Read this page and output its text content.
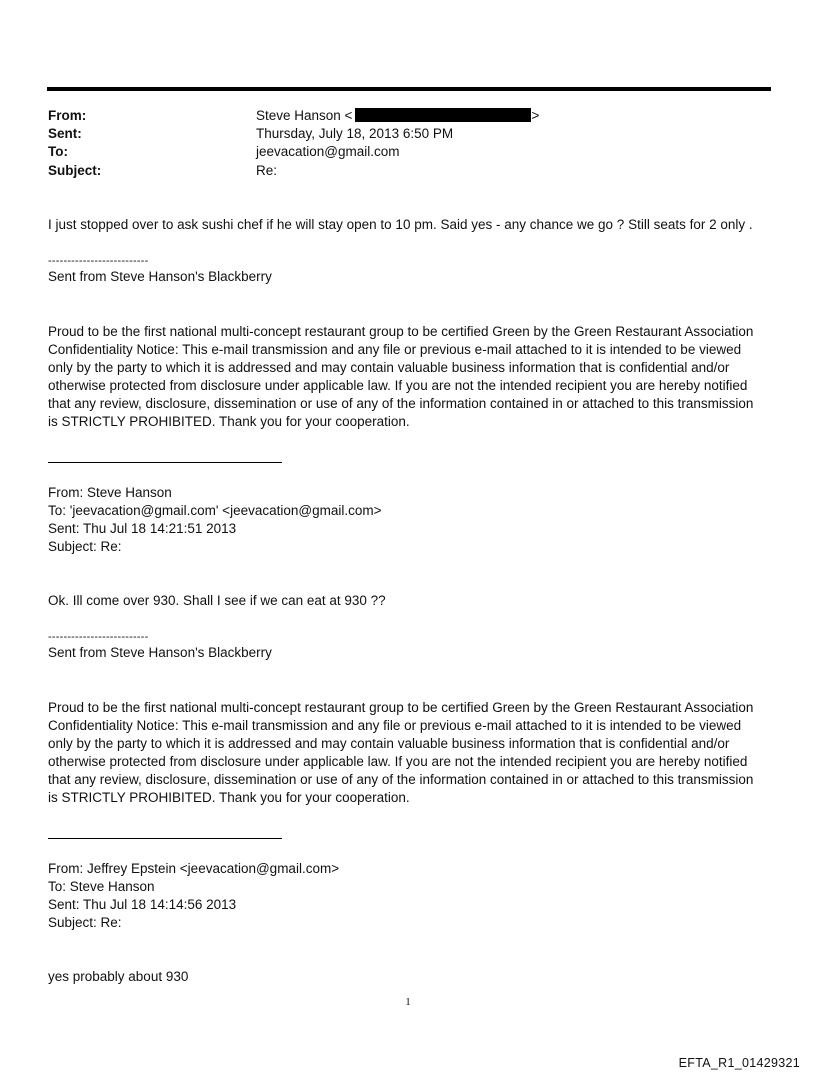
From:	Steve Hanson <	>
Sent:	Thursday, July 18, 2013 6:50 PM
To:	jeevacation@gmail.com
Subject:	Re:
I just stopped over to ask sushi chef if he will stay open to 10 pm. Said yes - any chance we go ? Still seats for 2 only .
--------------------------
Sent from Steve Hanson's Blackberry
Proud to be the first national multi-concept restaurant group to be certified Green by the Green Restaurant Association
Confidentiality Notice: This e-mail transmission and any file or previous e-mail attached to it is intended to be viewed
only by the party to which it is addressed and may contain valuable business information that is confidential and/or
otherwise protected from disclosure under applicable law. If you are not the intended recipient you are hereby notified
that any review, disclosure, dissemination or use of any of the information contained in or attached to this transmission
is STRICTLY PROHIBITED. Thank you for your cooperation.
From: Steve Hanson
To: 'jeevacation@gmail.com' <jeevacation@gmail.com>
Sent: Thu Jul 18 14:21:51 2013
Subject: Re:
Ok. Ill come over 930. Shall I see if we can eat at 930 ??
--------------------------
Sent from Steve Hanson's Blackberry
Proud to be the first national multi-concept restaurant group to be certified Green by the Green Restaurant Association
Confidentiality Notice: This e-mail transmission and any file or previous e-mail attached to it is intended to be viewed
only by the party to which it is addressed and may contain valuable business information that is confidential and/or
otherwise protected from disclosure under applicable law. If you are not the intended recipient you are hereby notified
that any review, disclosure, dissemination or use of any of the information contained in or attached to this transmission
is STRICTLY PROHIBITED. Thank you for your cooperation.
From: Jeffrey Epstein <jeevacation@gmail.com>
To: Steve Hanson
Sent: Thu Jul 18 14:14:56 2013
Subject: Re:
yes probably about 930
1
EFTA_R1_01429321
